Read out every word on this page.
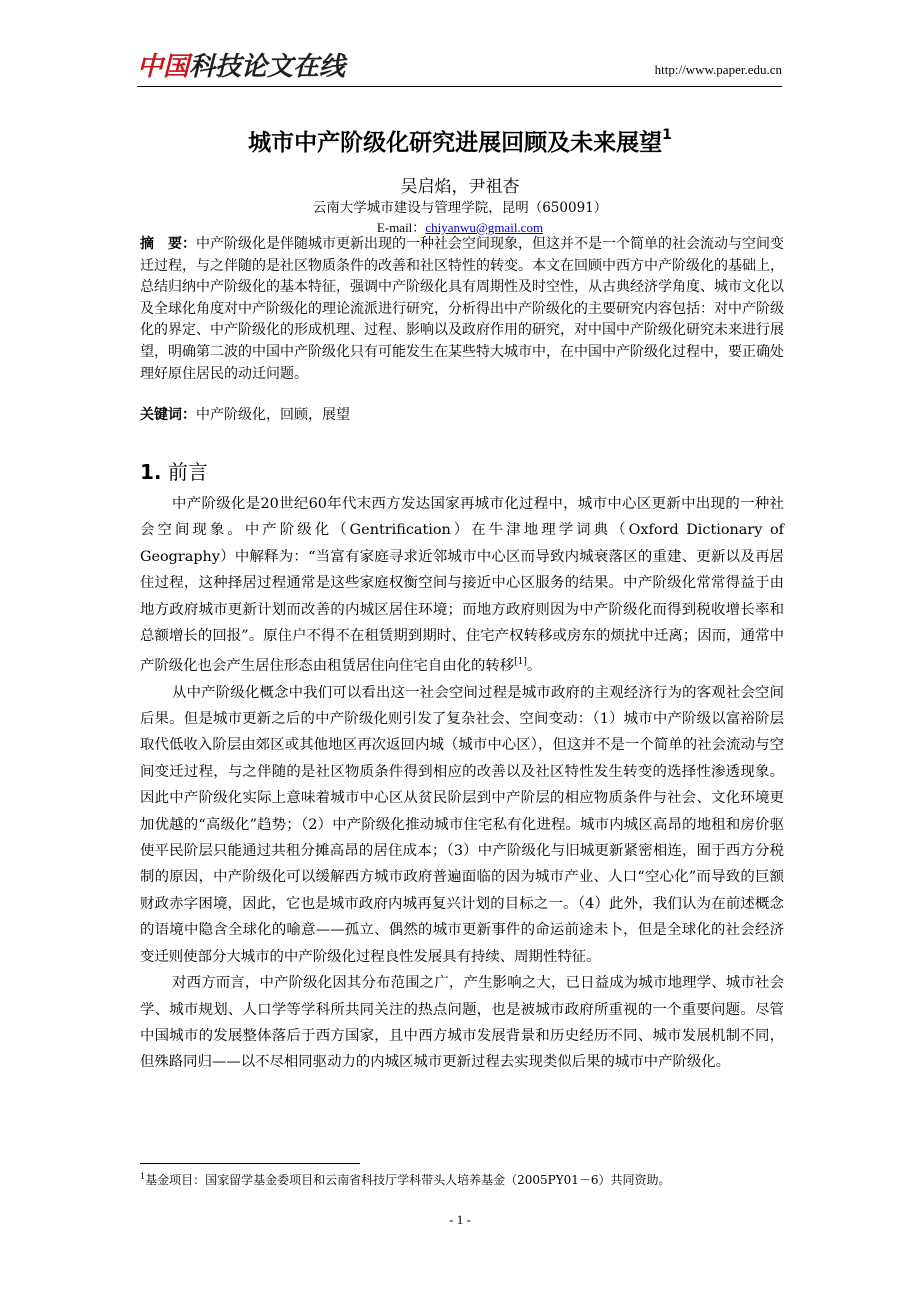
中国科技论文在线	http://www.paper.edu.cn
城市中产阶级化研究进展回顾及未来展望$^1$
吴启焰，尹祖杏
云南大学城市建设与管理学院，昆明（650091）
E-mail：chiyanwu@gmail.com
摘　要：中产阶级化是伴随城市更新出现的一种社会空间现象，但这并不是一个简单的社会流动与空间变迁过程，与之伴随的是社区物质条件的改善和社区特性的转变。本文在回顾中西方中产阶级化的基础上，总结归纳中产阶级化的基本特征，强调中产阶级化具有周期性及时空性，从古典经济学角度、城市文化以及全球化角度对中产阶级化的理论流派进行研究，分析得出中产阶级化的主要研究内容包括：对中产阶级化的界定、中产阶级化的形成机理、过程、影响以及政府作用的研究，对中国中产阶级化研究未来进行展望，明确第二波的中国中产阶级化只有可能发生在某些特大城市中，在中国中产阶级化过程中，要正确处理好原住居民的动迁问题。
关键词：中产阶级化，回顾，展望
1. 前言

中产阶级化是20世纪60年代末西方发达国家再城市化过程中，城市中心区更新中出现的一种社会空间现象。中产阶级化（Gentrification）在牛津地理学词典（Oxford Dictionary of Geography）中解释为：“当富有家庭寻求近邻城市中心区而导致内城衰落区的重建、更新以及再居住过程，这种择居过程通常是这些家庭权衡空间与接近中心区服务的结果。中产阶级化常常得益于由地方政府城市更新计划而改善的内城区居住环境；而地方政府则因为中产阶级化而得到税收增长率和总额增长的回报”。原住户不得不在租赁期到期时、住宅产权转移或房东的烦扰中迁离；因而，通常中产阶级化也会产生居住形态由租赁居住向住宅自由化的转移[1]。

从中产阶级化概念中我们可以看出这一社会空间过程是城市政府的主观经济行为的客观社会空间后果。但是城市更新之后的中产阶级化则引发了复杂社会、空间变动：（1）城市中产阶级以富裕阶层取代低收入阶层由郊区或其他地区再次返回内城（城市中心区），但这并不是一个简单的社会流动与空间变迁过程，与之伴随的是社区物质条件得到相应的改善以及社区特性发生转变的选择性渗透现象。因此中产阶级化实际上意味着城市中心区从贫民阶层到中产阶层的相应物质条件与社会、文化环境更加优越的“高级化”趋势；（2）中产阶级化推动城市住宅私有化进程。城市内城区高昂的地租和房价驱使平民阶层只能通过共租分摊高昂的居住成本；（3）中产阶级化与旧城更新紧密相连，囿于西方分税制的原因，中产阶级化可以缓解西方城市政府普遍面临的因为城市产业、人口“空心化”而导致的巨额财政赤字困境，因此，它也是城市政府内城再复兴计划的目标之一。（4）此外，我们认为在前述概念的语境中隐含全球化的喻意——孤立、偶然的城市更新事件的命运前途未卜，但是全球化的社会经济变迁则使部分大城市的中产阶级化过程良性发展具有持续、周期性特征。

对西方而言，中产阶级化因其分布范围之广，产生影响之大，已日益成为城市地理学、城市社会学、城市规划、人口学等学科所共同关注的热点问题，也是被城市政府所重视的一个重要问题。尽管中国城市的发展整体落后于西方国家，且中西方城市发展背景和历史经历不同、城市发展机制不同，但殊路同归——以不尽相同驱动力的内城区城市更新过程去实现类似后果的城市中产阶级化。

$^1$基金项目：国家留学基金委项目和云南省科技厅学科带头人培养基金（2005PY01－6）共同资助。
- 1 -
